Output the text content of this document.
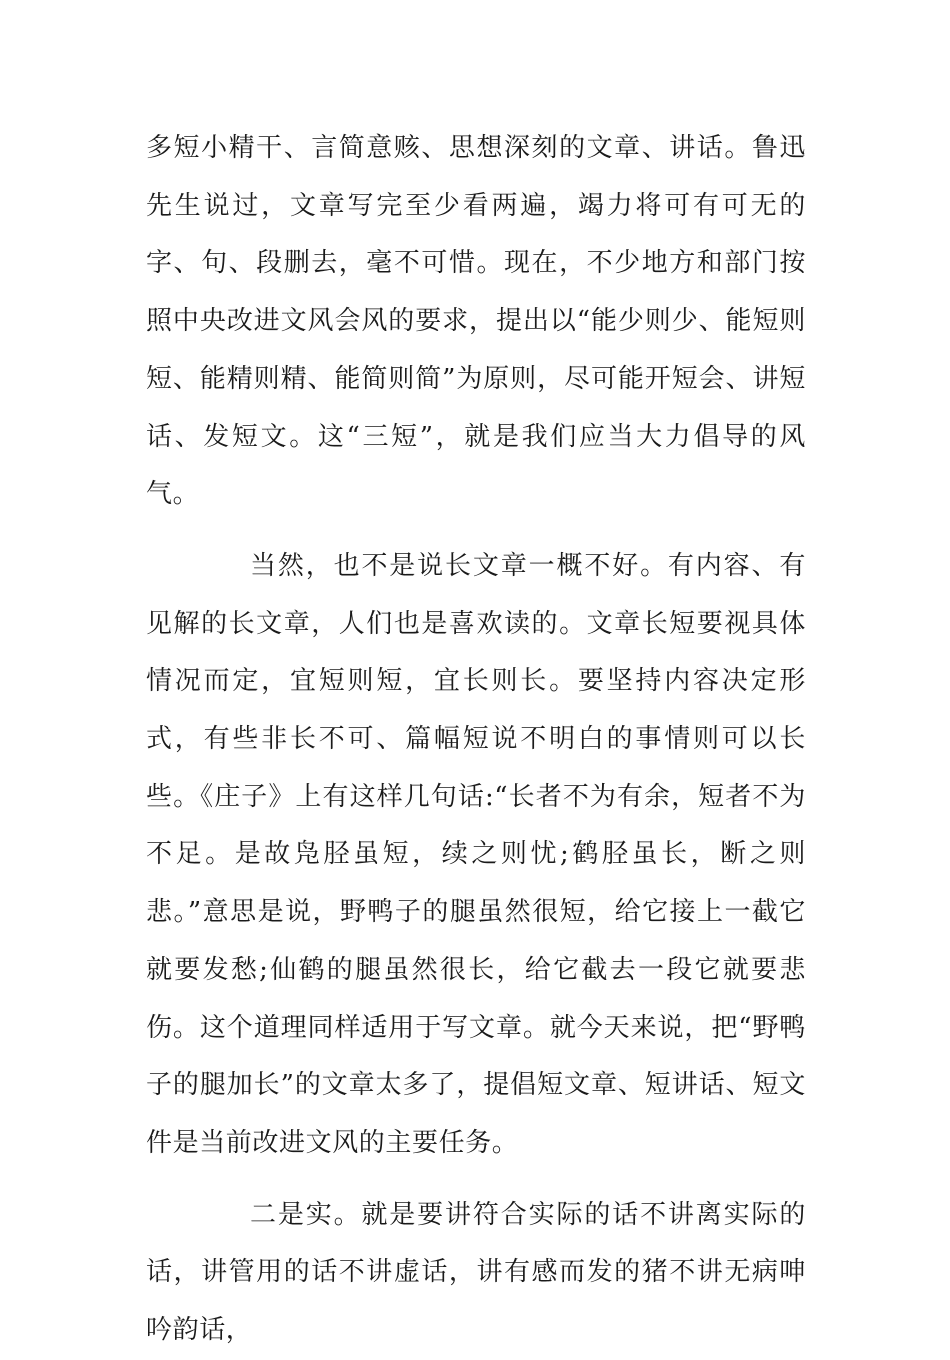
多短小精干、言简意赅、思想深刻的文章、讲话。鲁迅先生说过，文章写完至少看两遍，竭力将可有可无的字、句、段删去，毫不可惜。现在，不少地方和部门按照中央改进文风会风的要求，提出以“能少则少、能短则短、能精则精、能简则简”为原则，尽可能开短会、讲短话、发短文。这“三短”，就是我们应当大力倡导的风气。

当然，也不是说长文章一概不好。有内容、有见解的长文章，人们也是喜欢读的。文章长短要视具体情况而定，宜短则短，宜长则长。要坚持内容决定形式，有些非长不可、篇幅短说不明白的事情则可以长些。《庄子》上有这样几句话:“长者不为有余，短者不为不足。是故凫胫虽短，续之则忧;鹤胫虽长，断之则悲。”意思是说，野鸭子的腿虽然很短，给它接上一截它就要发愁;仙鹤的腿虽然很长，给它截去一段它就要悲伤。这个道理同样适用于写文章。就今天来说，把“野鸭子的腿加长”的文章太多了，提倡短文章、短讲话、短文件是当前改进文风的主要任务。

二是实。就是要讲符合实际的话不讲离实际的话，讲管用的话不讲虚话，讲有感而发的猪不讲无病呻吟韵话，
